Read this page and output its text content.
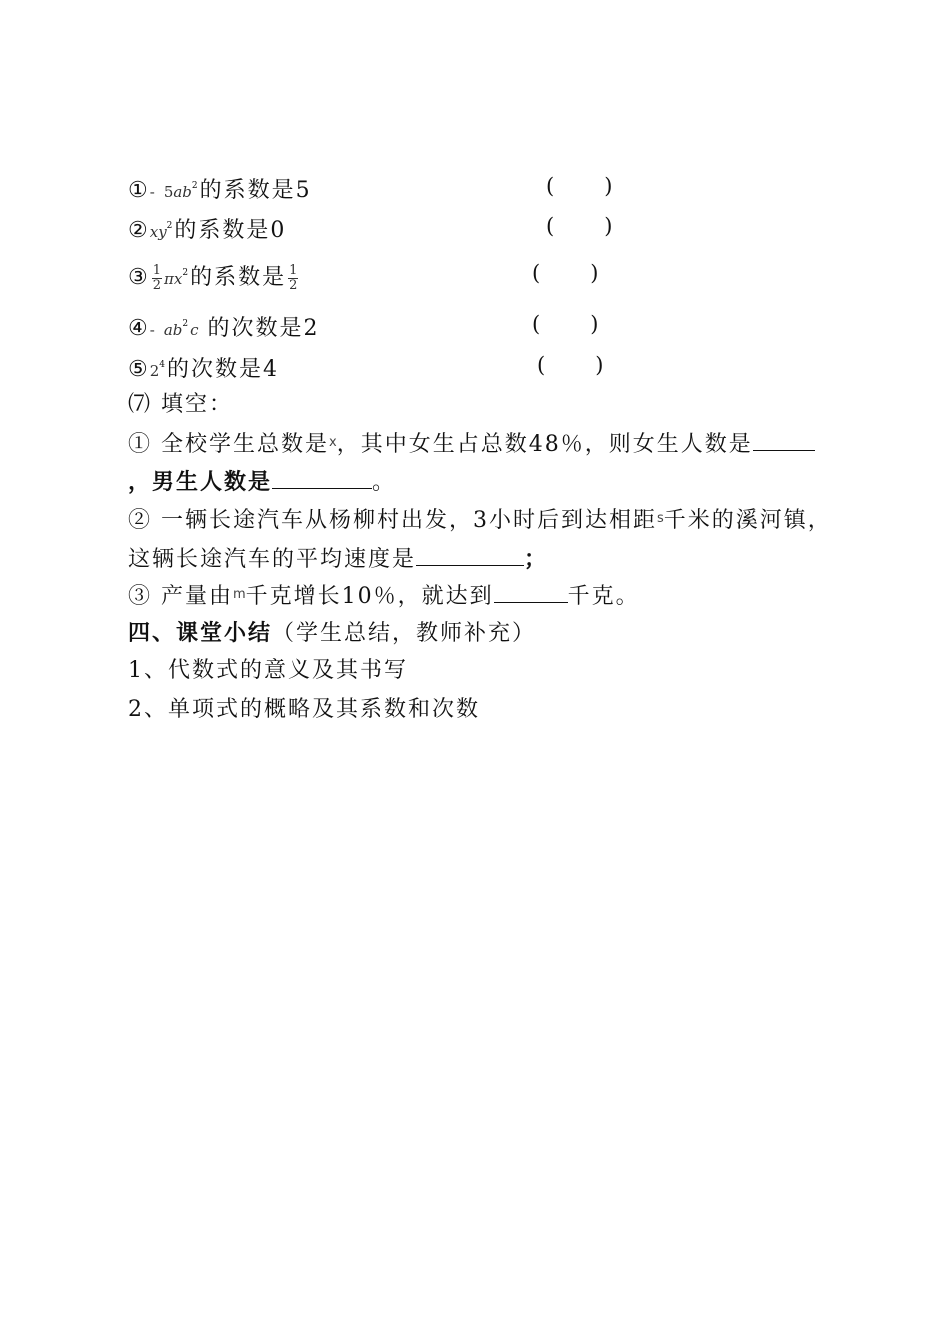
①- $5ab^2$的系数是5	( )
$②xy^2$的系数是0	( )
③ $\frac{1}{2} \pi x^2$的系数是 $\frac{1}{2}$	( )
④- $ab^2c$ 的次数是2	( )
$⑤2^4$的次数是4	( )
⑺ 填空：
① 全校学生总数是$^x$，其中女生占总数48％，则女生人数是
，男生人数是	。
② 一辆长途汽车从杨柳村出发，3小时后到达相距$^s$千米的溪河镇，
这辆长途汽车的平均速度是	；
③ 产量由$^m$千克增长10％，就达到	千克。
四、课堂小结（学生总结，教师补充）
1、代数式的意义及其书写
2、单项式的概略及其系数和次数
